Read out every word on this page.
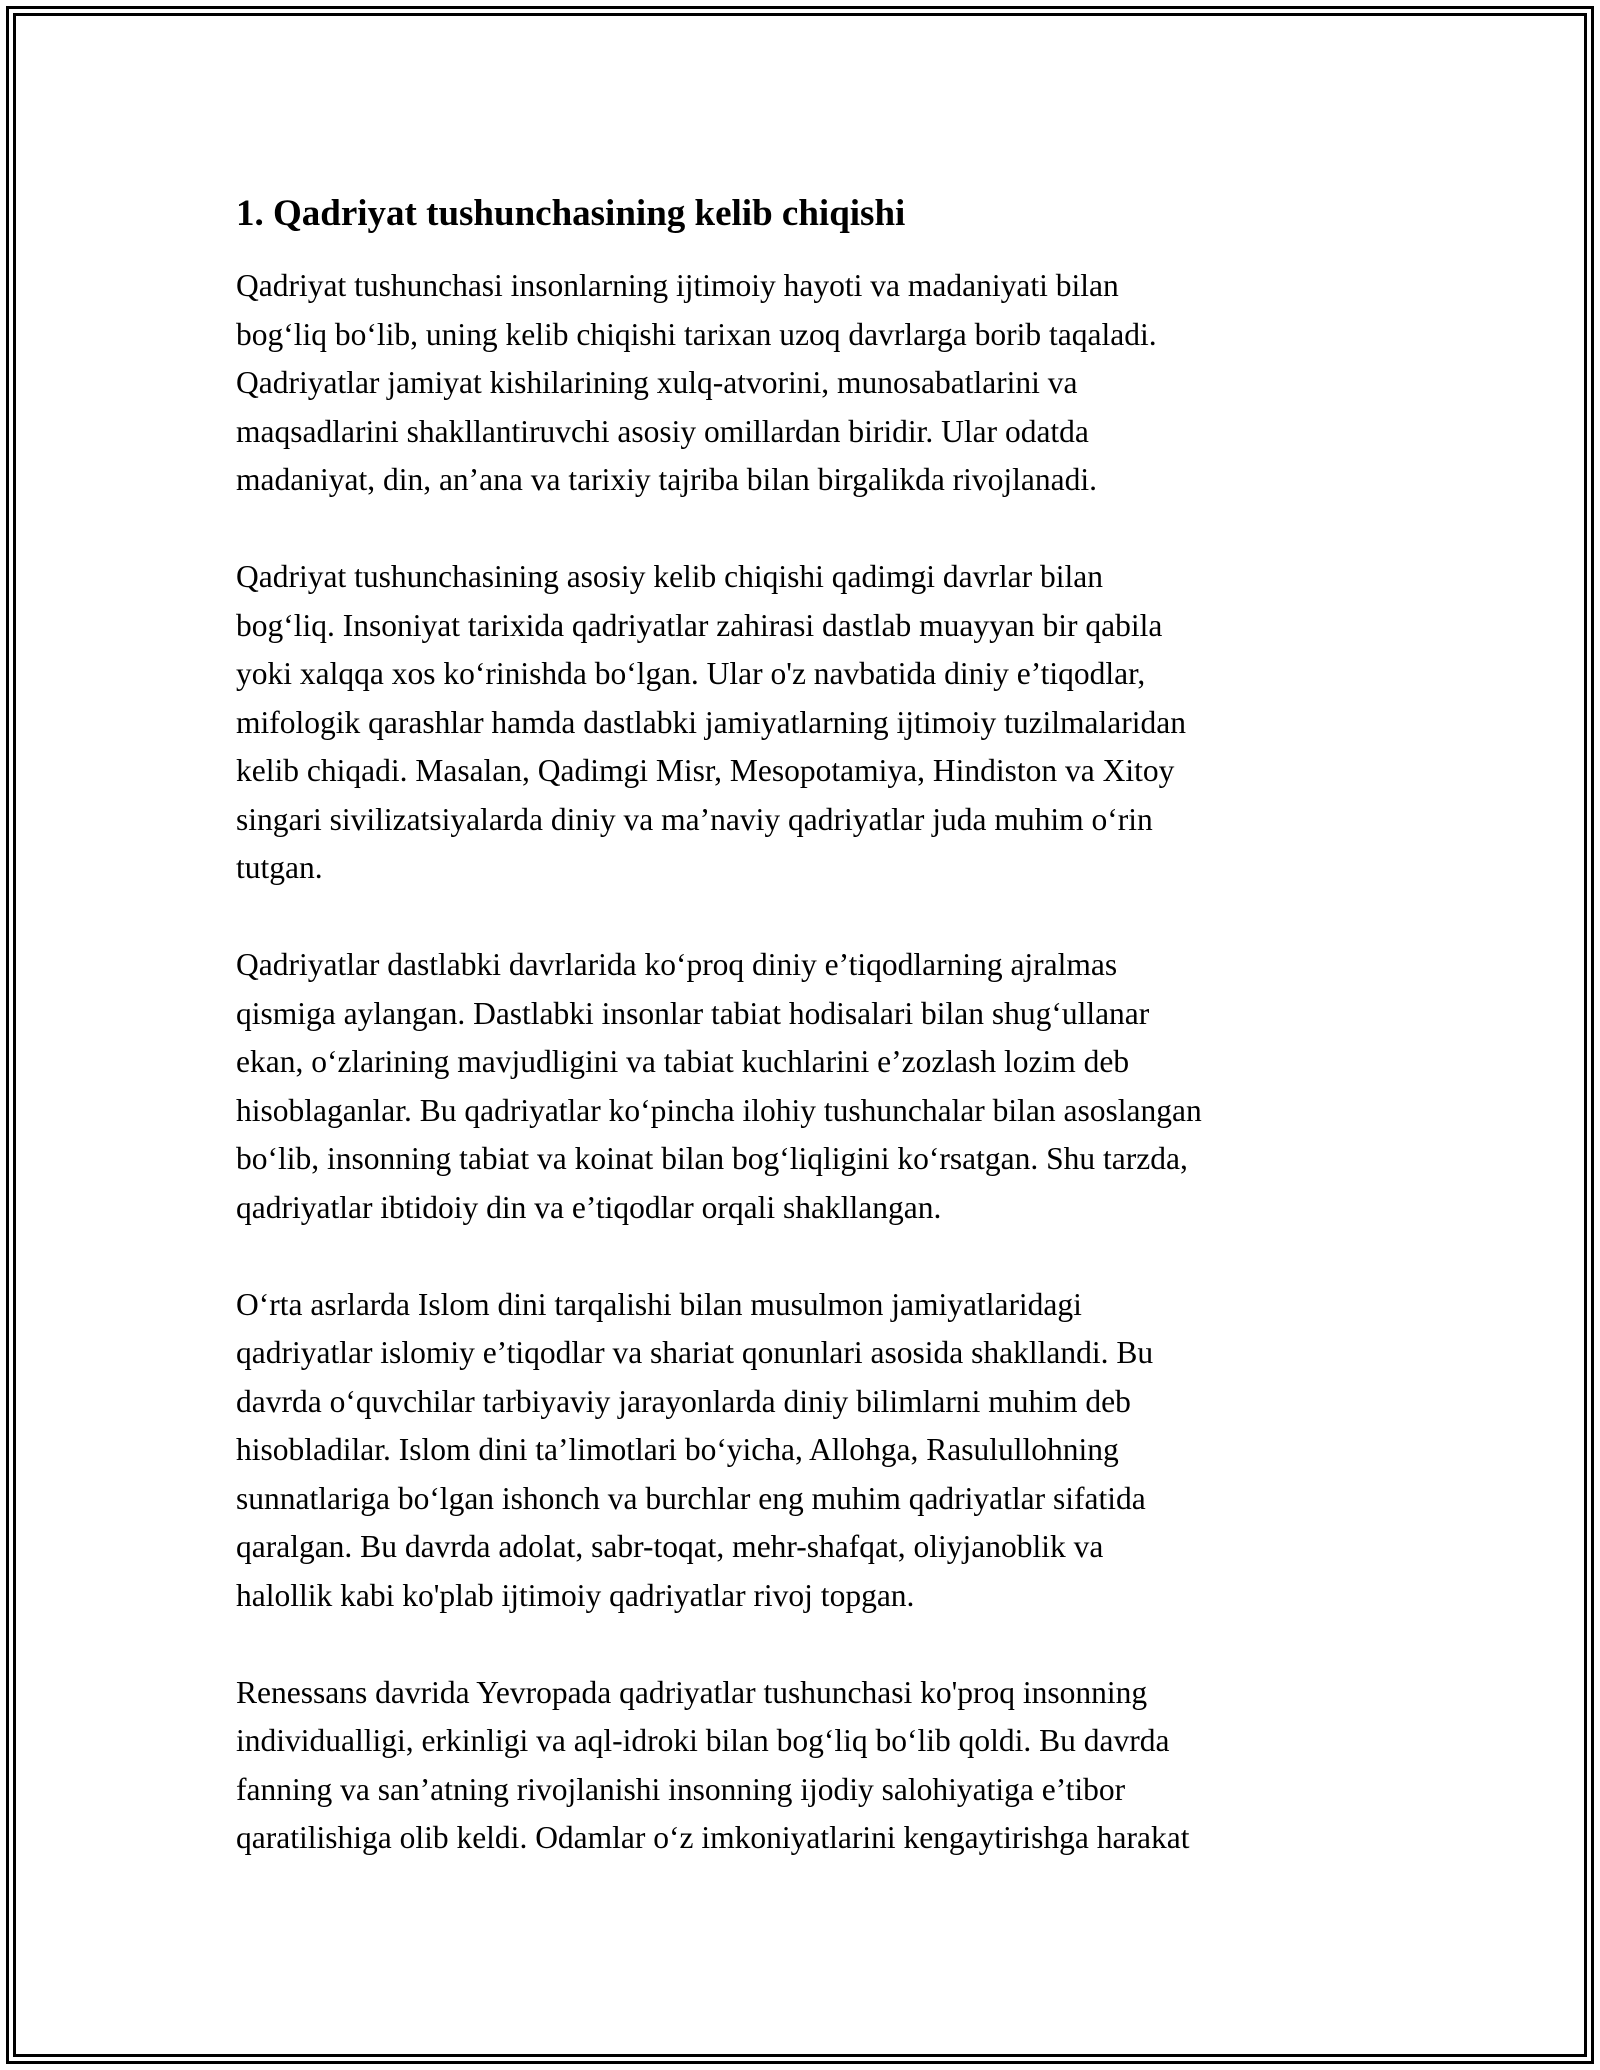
1. Qadriyat tushunchasining kelib chiqishi

Qadriyat tushunchasi insonlarning ijtimoiy hayoti va madaniyati bilan
bog‘liq bo‘lib, uning kelib chiqishi tarixan uzoq davrlarga borib taqaladi.
Qadriyatlar jamiyat kishilarining xulq-atvorini, munosabatlarini va
maqsadlarini shakllantiruvchi asosiy omillardan biridir. Ular odatda
madaniyat, din, an’ana va tarixiy tajriba bilan birgalikda rivojlanadi.

Qadriyat tushunchasining asosiy kelib chiqishi qadimgi davrlar bilan
bog‘liq. Insoniyat tarixida qadriyatlar zahirasi dastlab muayyan bir qabila
yoki xalqqa xos ko‘rinishda bo‘lgan. Ular o'z navbatida diniy e’tiqodlar,
mifologik qarashlar hamda dastlabki jamiyatlarning ijtimoiy tuzilmalaridan
kelib chiqadi. Masalan, Qadimgi Misr, Mesopotamiya, Hindiston va Xitoy
singari sivilizatsiyalarda diniy va ma’naviy qadriyatlar juda muhim o‘rin
tutgan.

Qadriyatlar dastlabki davrlarida ko‘proq diniy e’tiqodlarning ajralmas
qismiga aylangan. Dastlabki insonlar tabiat hodisalari bilan shug‘ullanar
ekan, o‘zlarining mavjudligini va tabiat kuchlarini e’zozlash lozim deb
hisoblaganlar. Bu qadriyatlar ko‘pincha ilohiy tushunchalar bilan asoslangan
bo‘lib, insonning tabiat va koinat bilan bog‘liqligini ko‘rsatgan. Shu tarzda,
qadriyatlar ibtidoiy din va e’tiqodlar orqali shakllangan.

O‘rta asrlarda Islom dini tarqalishi bilan musulmon jamiyatlaridagi
qadriyatlar islomiy e’tiqodlar va shariat qonunlari asosida shakllandi. Bu
davrda o‘quvchilar tarbiyaviy jarayonlarda diniy bilimlarni muhim deb
hisobladilar. Islom dini ta’limotlari bo‘yicha, Allohga, Rasulullohning
sunnatlariga bo‘lgan ishonch va burchlar eng muhim qadriyatlar sifatida
qaralgan. Bu davrda adolat, sabr-toqat, mehr-shafqat, oliyjanoblik va
halollik kabi ko'plab ijtimoiy qadriyatlar rivoj topgan.

Renessans davrida Yevropada qadriyatlar tushunchasi ko'proq insonning
individualligi, erkinligi va aql-idroki bilan bog‘liq bo‘lib qoldi. Bu davrda
fanning va san’atning rivojlanishi insonning ijodiy salohiyatiga e’tibor
qaratilishiga olib keldi. Odamlar o‘z imkoniyatlarini kengaytirishga harakat
